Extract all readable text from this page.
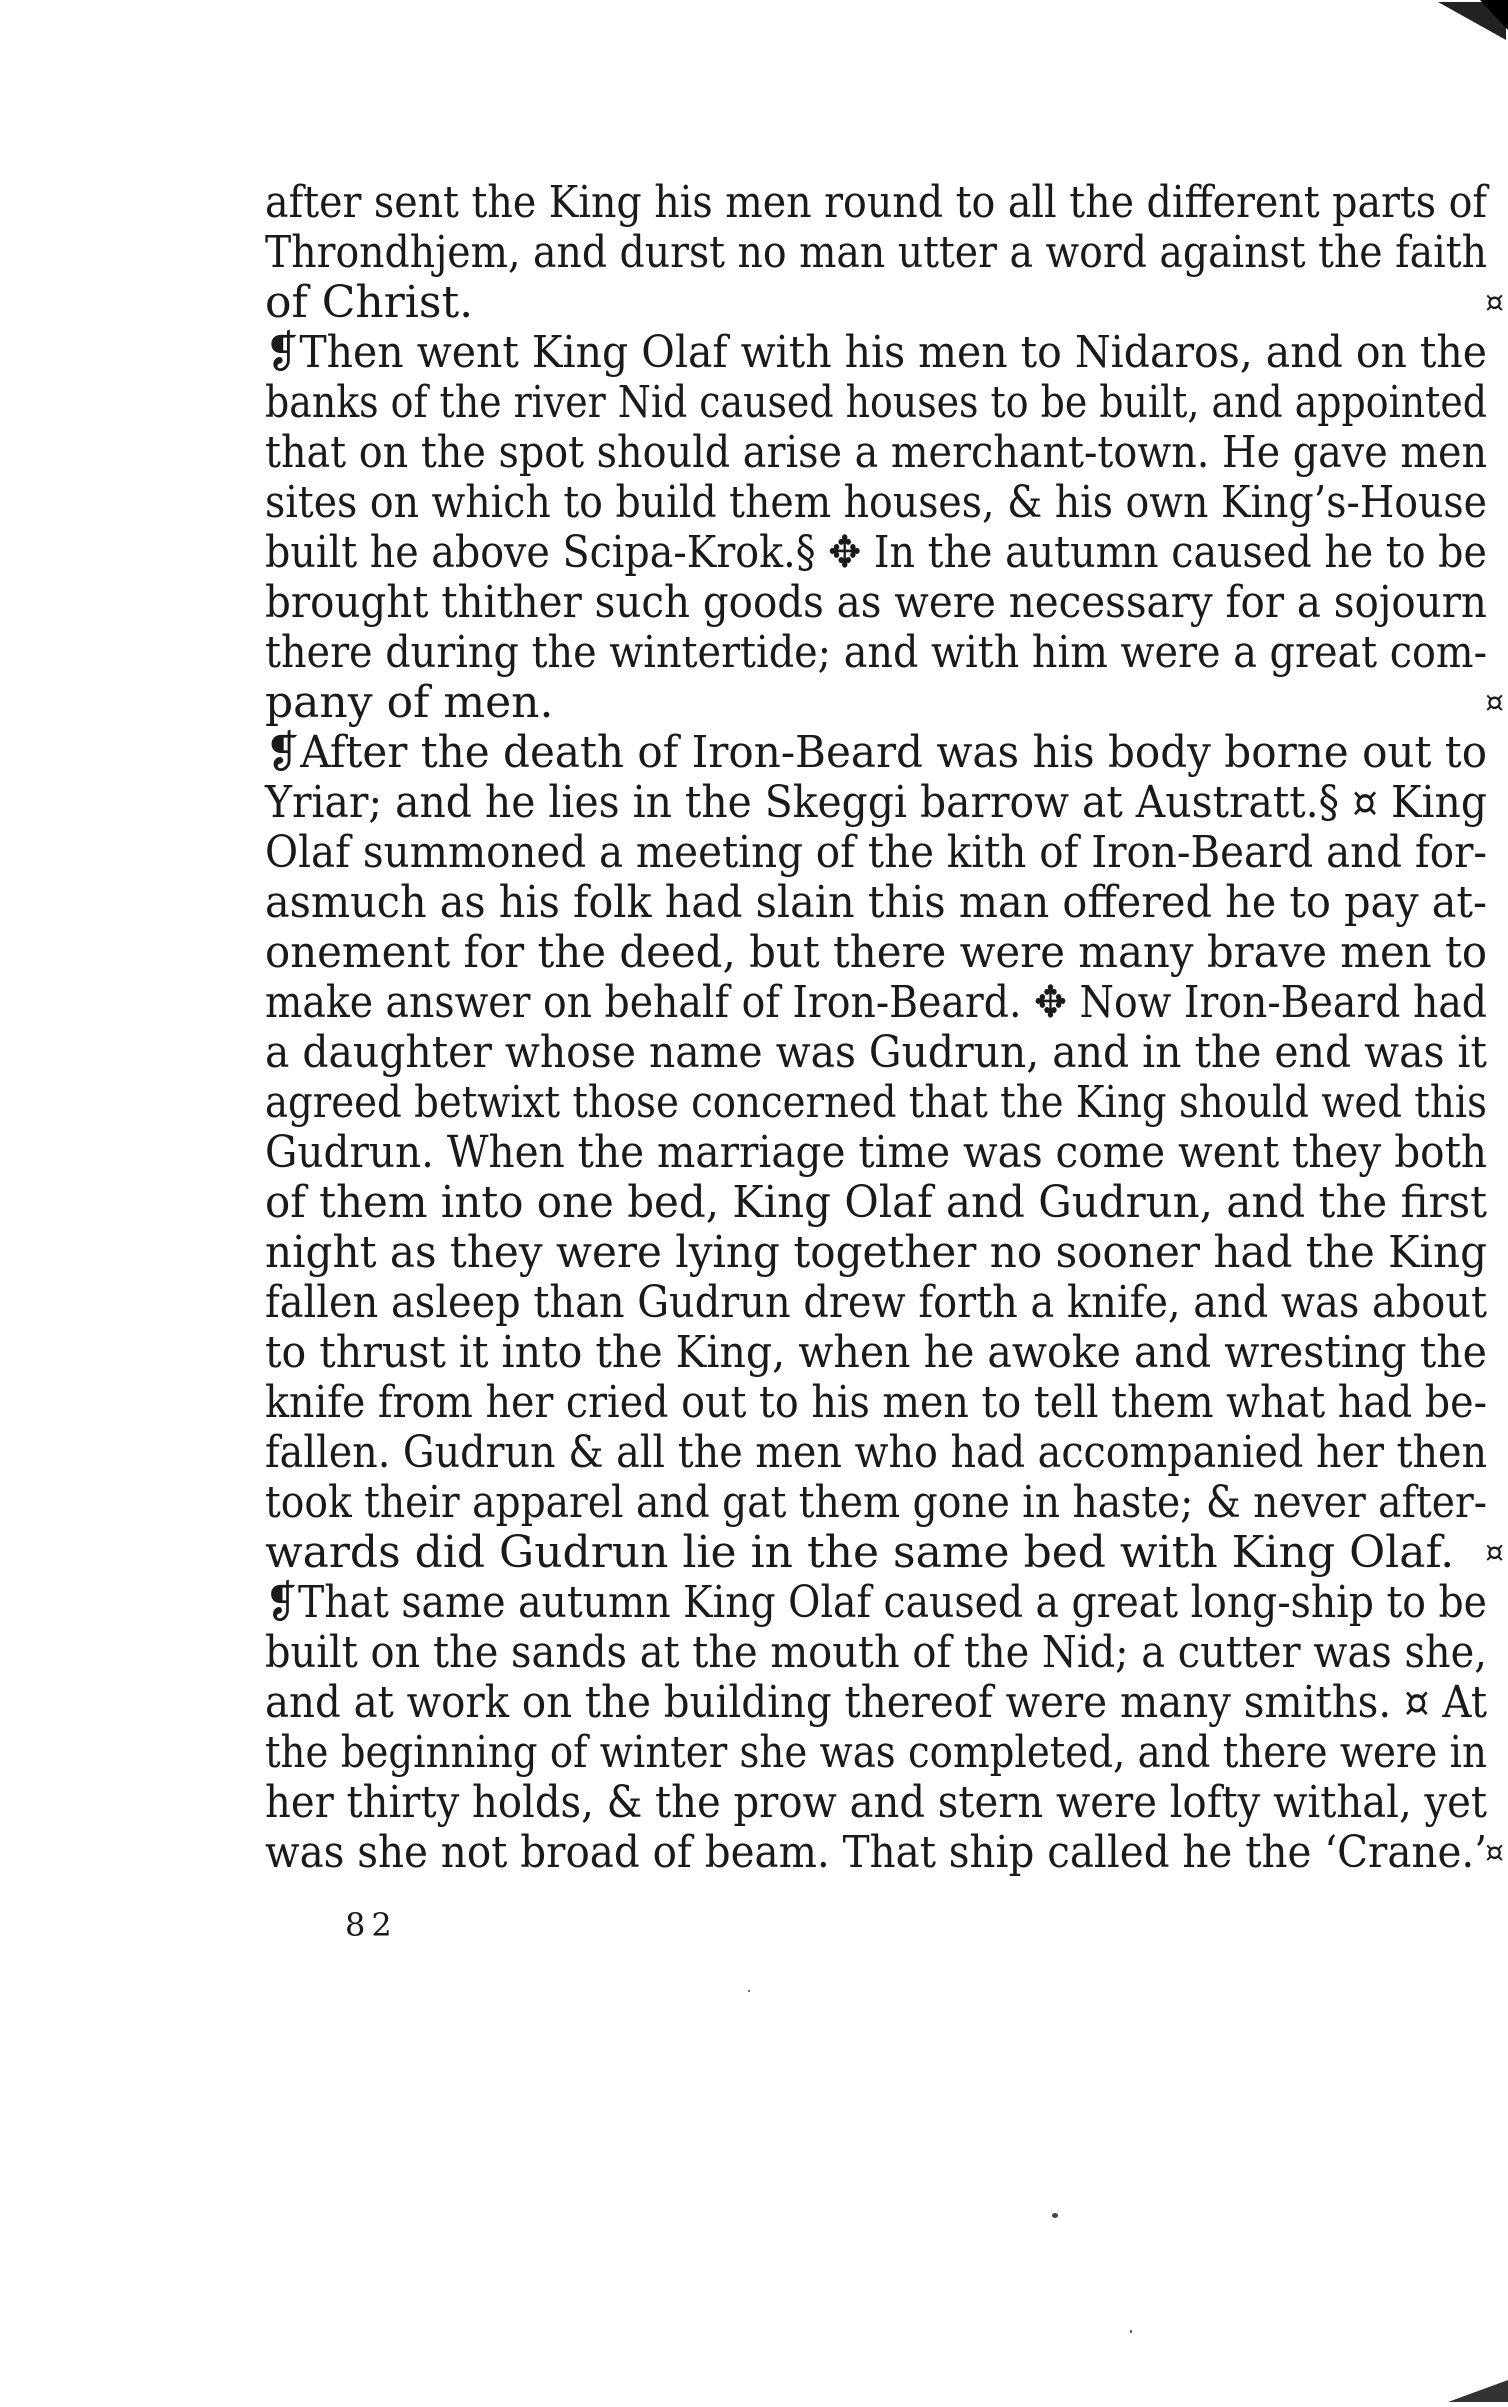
after sent the King his men round to all the different parts of
Throndhjem, and durst no man utter a word against the faith
of Christ.	¤
❡Then went King Olaf with his men to Nidaros, and on the
banks of the river Nid caused houses to be built, and appointed
that on the spot should arise a merchant-town. He gave men
sites on which to build them houses, & his own King’s-House
built he above Scipa-Krok.§ ✥ In the autumn caused he to be
brought thither such goods as were necessary for a sojourn
there during the wintertide; and with him were a great com-
pany of men.	¤
❡After the death of Iron-Beard was his body borne out to
Yriar; and he lies in the Skeggi barrow at Austratt.§ ¤ King
Olaf summoned a meeting of the kith of Iron-Beard and for-
asmuch as his folk had slain this man offered he to pay at-
onement for the deed, but there were many brave men to
make answer on behalf of Iron-Beard. ✥ Now Iron-Beard had
a daughter whose name was Gudrun, and in the end was it
agreed betwixt those concerned that the King should wed this
Gudrun. When the marriage time was come went they both
of them into one bed, King Olaf and Gudrun, and the first
night as they were lying together no sooner had the King
fallen asleep than Gudrun drew forth a knife, and was about
to thrust it into the King, when he awoke and wresting the
knife from her cried out to his men to tell them what had be-
fallen. Gudrun & all the men who had accompanied her then
took their apparel and gat them gone in haste; & never after-
wards did Gudrun lie in the same bed with King Olaf. ¤
❡That same autumn King Olaf caused a great long-ship to be
built on the sands at the mouth of the Nid; a cutter was she,
and at work on the building thereof were many smiths. ¤ At
the beginning of winter she was completed, and there were in
her thirty holds, & the prow and stern were lofty withal, yet
was she not broad of beam. That ship called he the ‘Crane.’
¤
82
